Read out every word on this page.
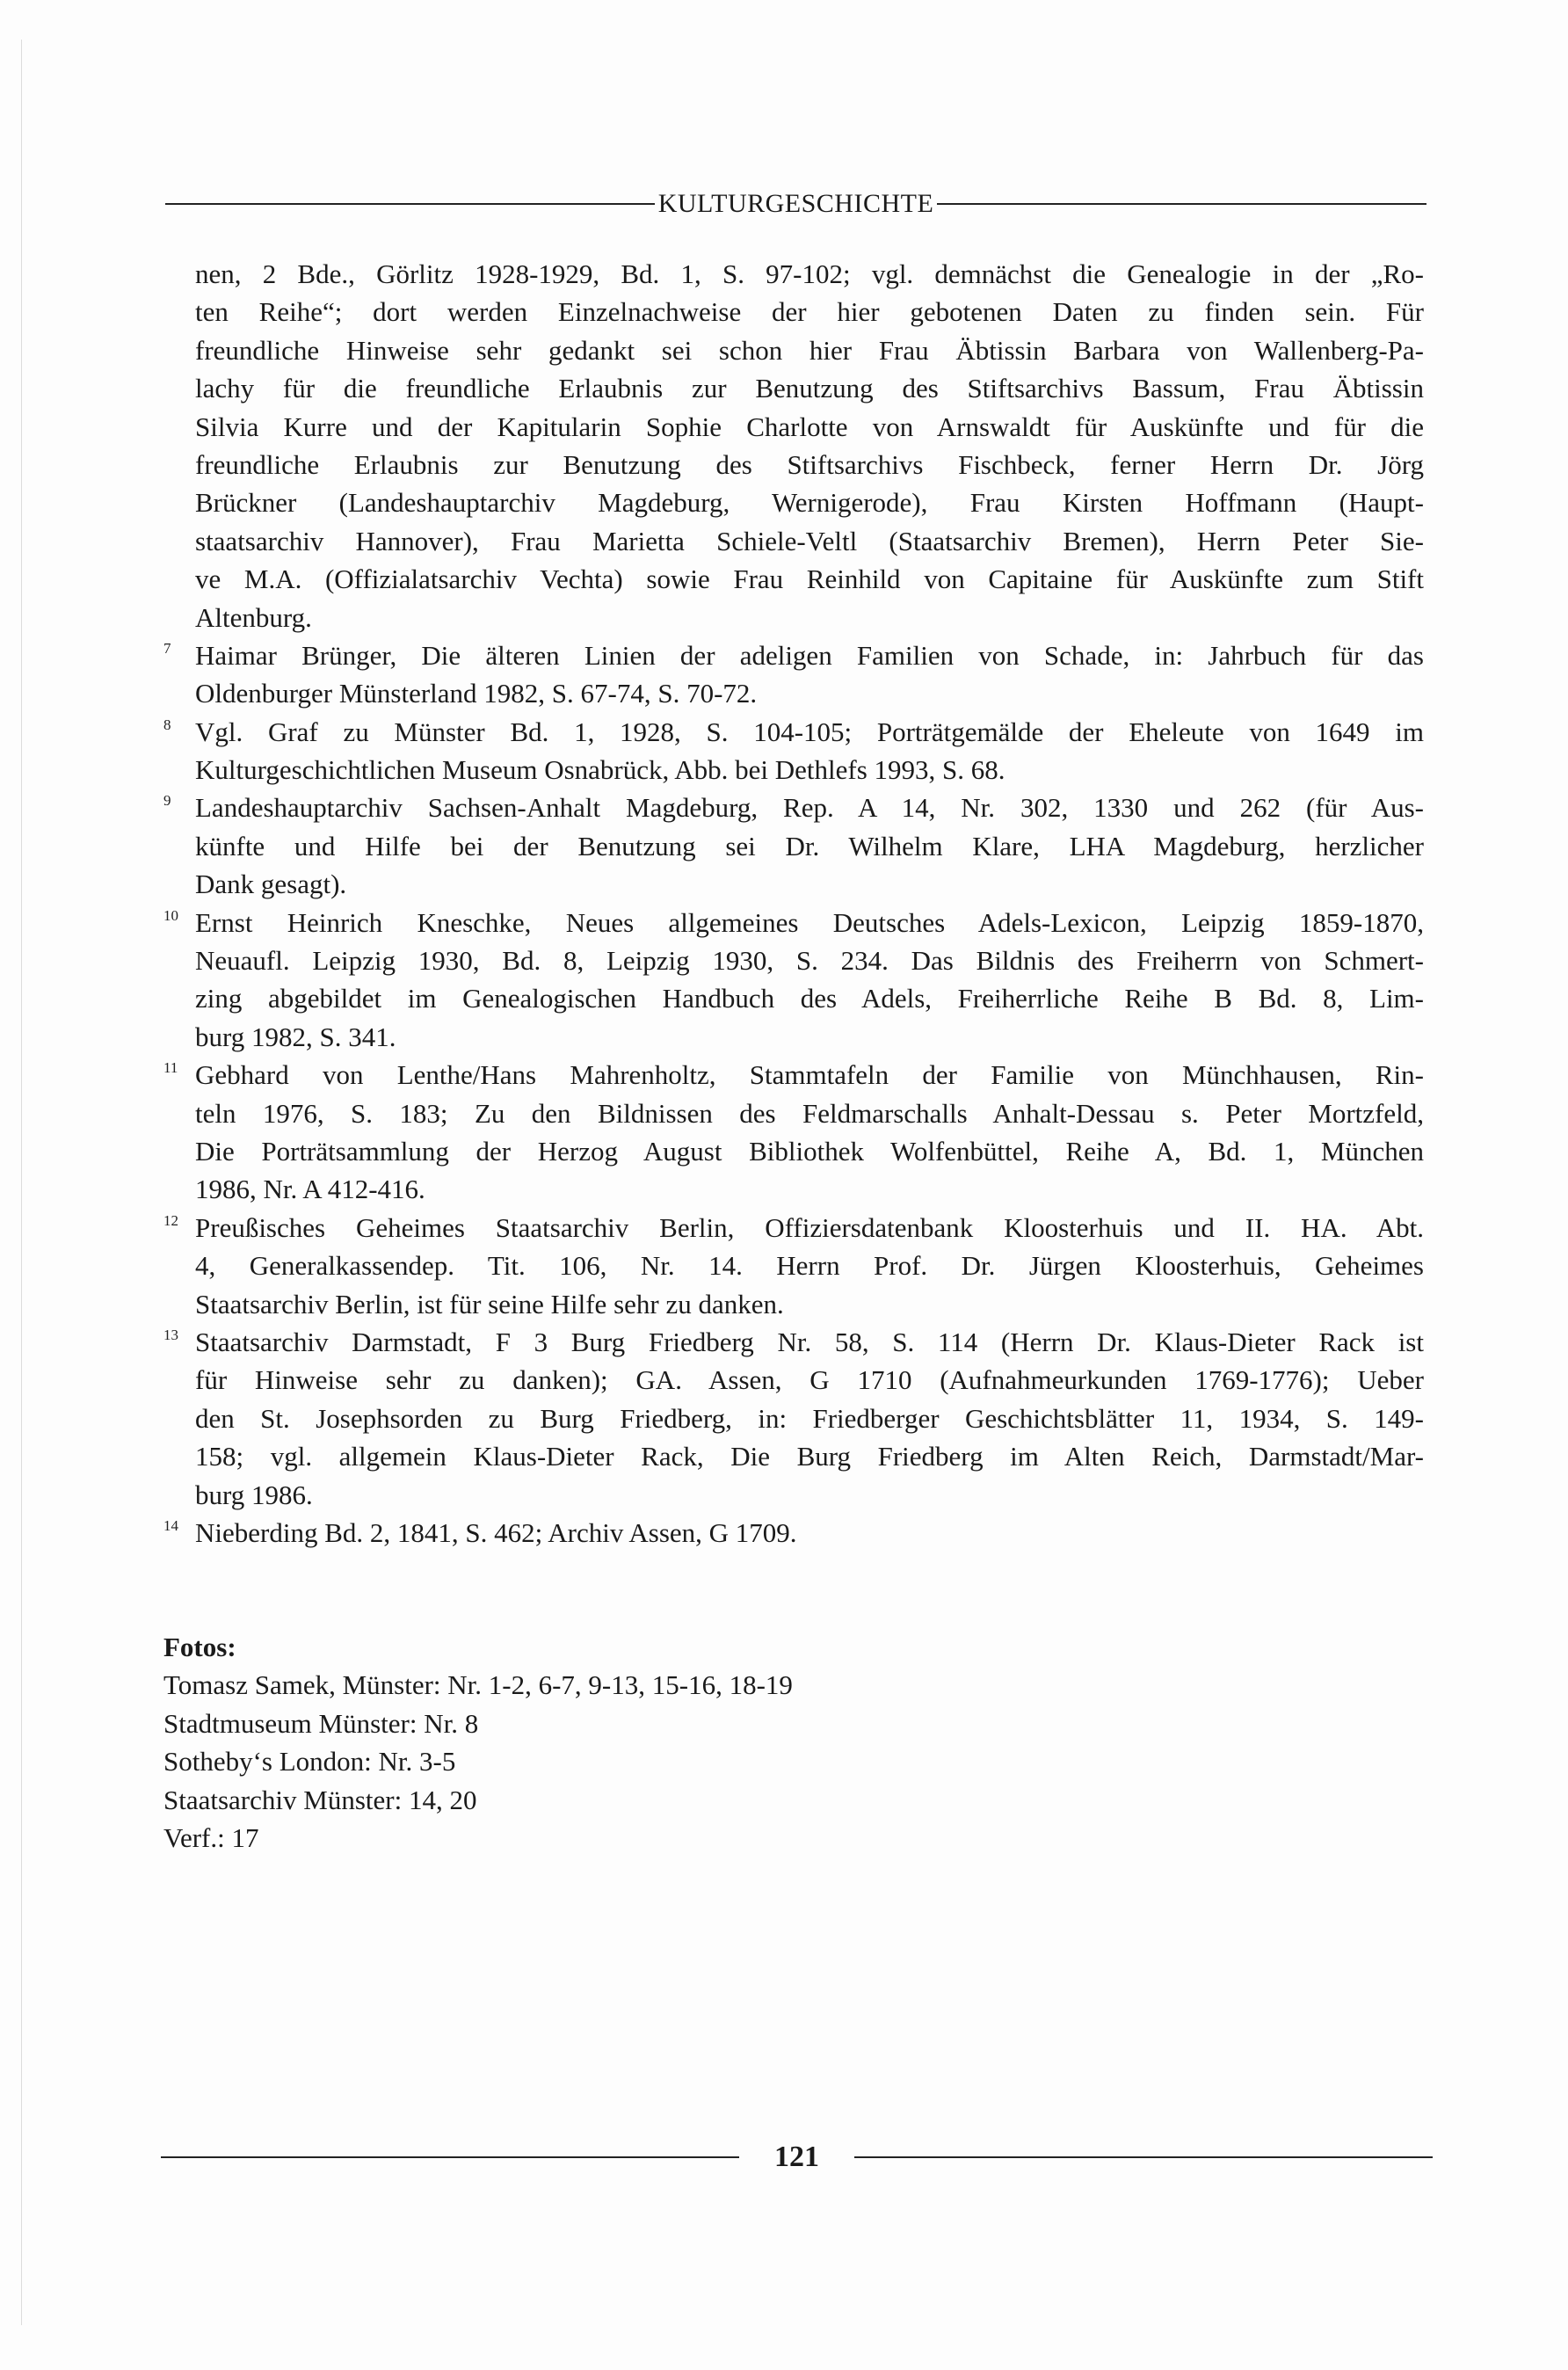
KULTURGESCHICHTE
nen, 2 Bde., Görlitz 1928-1929, Bd. 1, S. 97-102; vgl. demnächst die Genealogie in der „Ro-
ten Reihe“; dort werden Einzelnachweise der hier gebotenen Daten zu finden sein. Für
freundliche Hinweise sehr gedankt sei schon hier Frau Äbtissin Barbara von Wallenberg-Pa-
lachy für die freundliche Erlaubnis zur Benutzung des Stiftsarchivs Bassum, Frau Äbtissin
Silvia Kurre und der Kapitularin Sophie Charlotte von Arnswaldt für Auskünfte und für die
freundliche Erlaubnis zur Benutzung des Stiftsarchivs Fischbeck, ferner Herrn Dr. Jörg
Brückner (Landeshauptarchiv Magdeburg, Wernigerode), Frau Kirsten Hoffmann (Haupt-
staatsarchiv Hannover), Frau Marietta Schiele-Veltl (Staatsarchiv Bremen), Herrn Peter Sie-
ve M.A. (Offizialatsarchiv Vechta) sowie Frau Reinhild von Capitaine für Auskünfte zum Stift
Altenburg.
7 Haimar Brünger, Die älteren Linien der adeligen Familien von Schade, in: Jahrbuch für das
Oldenburger Münsterland 1982, S. 67-74, S. 70-72.
8 Vgl. Graf zu Münster Bd. 1, 1928, S. 104-105; Porträtgemälde der Eheleute von 1649 im
Kulturgeschichtlichen Museum Osnabrück, Abb. bei Dethlefs 1993, S. 68.
9 Landeshauptarchiv Sachsen-Anhalt Magdeburg, Rep. A 14, Nr. 302, 1330 und 262 (für Aus-
künfte und Hilfe bei der Benutzung sei Dr. Wilhelm Klare, LHA Magdeburg, herzlicher
Dank gesagt).
10 Ernst Heinrich Kneschke, Neues allgemeines Deutsches Adels-Lexicon, Leipzig 1859-1870,
Neuaufl. Leipzig 1930, Bd. 8, Leipzig 1930, S. 234. Das Bildnis des Freiherrn von Schmert-
zing abgebildet im Genealogischen Handbuch des Adels, Freiherrliche Reihe B Bd. 8, Lim-
burg 1982, S. 341.
11 Gebhard von Lenthe/Hans Mahrenholtz, Stammtafeln der Familie von Münchhausen, Rin-
teln 1976, S. 183; Zu den Bildnissen des Feldmarschalls Anhalt-Dessau s. Peter Mortzfeld,
Die Porträtsammlung der Herzog August Bibliothek Wolfenbüttel, Reihe A, Bd. 1, München
1986, Nr. A 412-416.
12 Preußisches Geheimes Staatsarchiv Berlin, Offiziersdatenbank Kloosterhuis und II. HA. Abt.
4, Generalkassendep. Tit. 106, Nr. 14. Herrn Prof. Dr. Jürgen Kloosterhuis, Geheimes
Staatsarchiv Berlin, ist für seine Hilfe sehr zu danken.
13 Staatsarchiv Darmstadt, F 3 Burg Friedberg Nr. 58, S. 114 (Herrn Dr. Klaus-Dieter Rack ist
für Hinweise sehr zu danken); GA. Assen, G 1710 (Aufnahmeurkunden 1769-1776); Ueber
den St. Josephsorden zu Burg Friedberg, in: Friedberger Geschichtsblätter 11, 1934, S. 149-
158; vgl. allgemein Klaus-Dieter Rack, Die Burg Friedberg im Alten Reich, Darmstadt/Mar-
burg 1986.
14 Nieberding Bd. 2, 1841, S. 462; Archiv Assen, G 1709.
Fotos:
Tomasz Samek, Münster: Nr. 1-2, 6-7, 9-13, 15-16, 18-19
Stadtmuseum Münster: Nr. 8
Sotheby‘s London: Nr. 3-5
Staatsarchiv Münster: 14, 20
Verf.: 17
121
